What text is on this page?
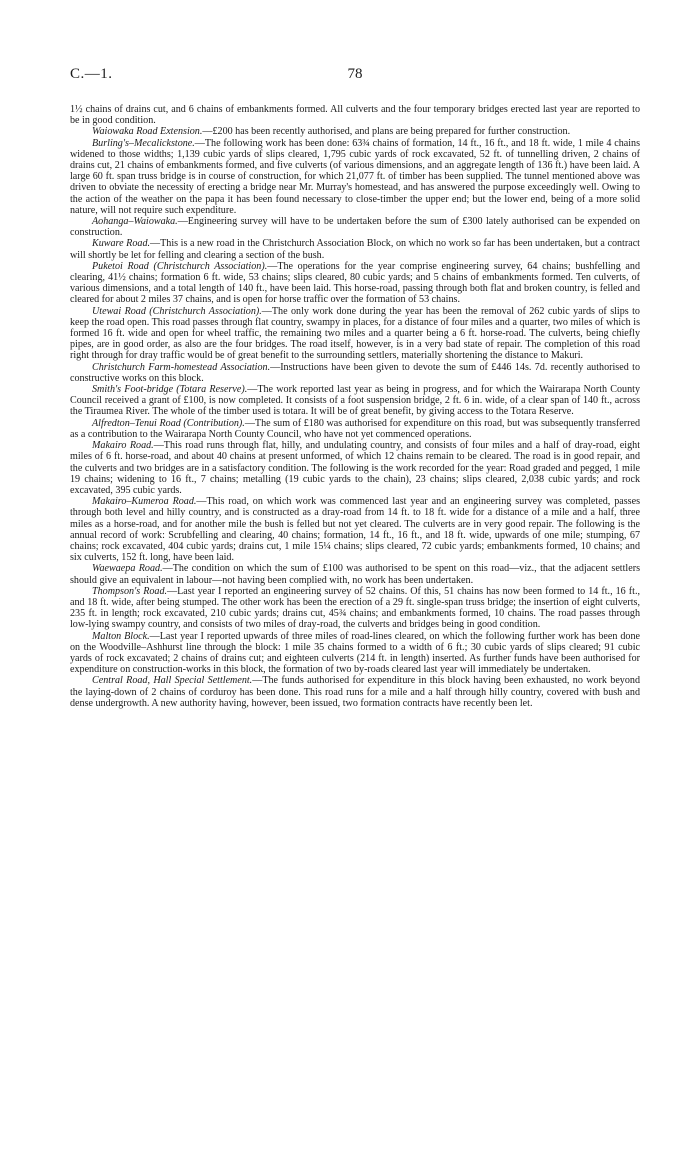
C.—1.	78

1½ chains of drains cut, and 6 chains of embankments formed. All culverts and the four temporary bridges erected last year are reported to be in good condition.

Waiowaka Road Extension.—£200 has been recently authorised, and plans are being prepared for further construction.

Burling's–Mecalickstone.—The following work has been done: 63¾ chains of formation, 14 ft., 16 ft., and 18 ft. wide, 1 mile 4 chains widened to those widths; 1,139 cubic yards of slips cleared, 1,795 cubic yards of rock excavated, 52 ft. of tunnelling driven, 2 chains of drains cut, 21 chains of embankments formed, and five culverts (of various dimensions, and an aggregate length of 136 ft.) have been laid. A large 60 ft. span truss bridge is in course of construction, for which 21,077 ft. of timber has been supplied. The tunnel mentioned above was driven to obviate the necessity of erecting a bridge near Mr. Murray's homestead, and has answered the purpose exceedingly well. Owing to the action of the weather on the papa it has been found necessary to close-timber the upper end; but the lower end, being of a more solid nature, will not require such expenditure.

Aohanga–Waiowaka.—Engineering survey will have to be undertaken before the sum of £300 lately authorised can be expended on construction.

Kuware Road.—This is a new road in the Christchurch Association Block, on which no work so far has been undertaken, but a contract will shortly be let for felling and clearing a section of the bush.

Puketoi Road (Christchurch Association).—The operations for the year comprise engineering survey, 64 chains; bushfelling and clearing, 41½ chains; formation 6 ft. wide, 53 chains; slips cleared, 80 cubic yards; and 5 chains of embankments formed. Ten culverts, of various dimensions, and a total length of 140 ft., have been laid. This horse-road, passing through both flat and broken country, is felled and cleared for about 2 miles 37 chains, and is open for horse traffic over the formation of 53 chains.

Utewai Road (Christchurch Association).—The only work done during the year has been the removal of 262 cubic yards of slips to keep the road open. This road passes through flat country, swampy in places, for a distance of four miles and a quarter, two miles of which is formed 16 ft. wide and open for wheel traffic, the remaining two miles and a quarter being a 6 ft. horse-road. The culverts, being chiefly pipes, are in good order, as also are the four bridges. The road itself, however, is in a very bad state of repair. The completion of this road right through for dray traffic would be of great benefit to the surrounding settlers, materially shortening the distance to Makuri.

Christchurch Farm-homestead Association.—Instructions have been given to devote the sum of £446 14s. 7d. recently authorised to constructive works on this block.

Smith's Foot-bridge (Totara Reserve).—The work reported last year as being in progress, and for which the Wairarapa North County Council received a grant of £100, is now completed. It consists of a foot suspension bridge, 2 ft. 6 in. wide, of a clear span of 140 ft., across the Tiraumea River. The whole of the timber used is totara. It will be of great benefit, by giving access to the Totara Reserve.

Alfredton–Tenui Road (Contribution).—The sum of £180 was authorised for expenditure on this road, but was subsequently transferred as a contribution to the Wairarapa North County Council, who have not yet commenced operations.

Makairo Road.—This road runs through flat, hilly, and undulating country, and consists of four miles and a half of dray-road, eight miles of 6 ft. horse-road, and about 40 chains at present unformed, of which 12 chains remain to be cleared. The road is in good repair, and the culverts and two bridges are in a satisfactory condition. The following is the work recorded for the year: Road graded and pegged, 1 mile 19 chains; widening to 16 ft., 7 chains; metalling (19 cubic yards to the chain), 23 chains; slips cleared, 2,038 cubic yards; and rock excavated, 395 cubic yards.

Makairo–Kumeroa Road.—This road, on which work was commenced last year and an engineering survey was completed, passes through both level and hilly country, and is constructed as a dray-road from 14 ft. to 18 ft. wide for a distance of a mile and a half, three miles as a horse-road, and for another mile the bush is felled but not yet cleared. The culverts are in very good repair. The following is the annual record of work: Scrubfelling and clearing, 40 chains; formation, 14 ft., 16 ft., and 18 ft. wide, upwards of one mile; stumping, 67 chains; rock excavated, 404 cubic yards; drains cut, 1 mile 15¼ chains; slips cleared, 72 cubic yards; embankments formed, 10 chains; and six culverts, 152 ft. long, have been laid.

Waewaepa Road.—The condition on which the sum of £100 was authorised to be spent on this road—viz., that the adjacent settlers should give an equivalent in labour—not having been complied with, no work has been undertaken.

Thompson's Road.—Last year I reported an engineering survey of 52 chains. Of this, 51 chains has now been formed to 14 ft., 16 ft., and 18 ft. wide, after being stumped. The other work has been the erection of a 29 ft. single-span truss bridge; the insertion of eight culverts, 235 ft. in length; rock excavated, 210 cubic yards; drains cut, 45¾ chains; and embankments formed, 10 chains. The road passes through low-lying swampy country, and consists of two miles of dray-road, the culverts and bridges being in good condition.

Malton Block.—Last year I reported upwards of three miles of road-lines cleared, on which the following further work has been done on the Woodville–Ashhurst line through the block: 1 mile 35 chains formed to a width of 6 ft.; 30 cubic yards of slips cleared; 91 cubic yards of rock excavated; 2 chains of drains cut; and eighteen culverts (214 ft. in length) inserted. As further funds have been authorised for expenditure on construction-works in this block, the formation of two by-roads cleared last year will immediately be undertaken.

Central Road, Hall Special Settlement.—The funds authorised for expenditure in this block having been exhausted, no work beyond the laying-down of 2 chains of corduroy has been done. This road runs for a mile and a half through hilly country, covered with bush and dense undergrowth. A new authority having, however, been issued, two formation contracts have recently been let.
